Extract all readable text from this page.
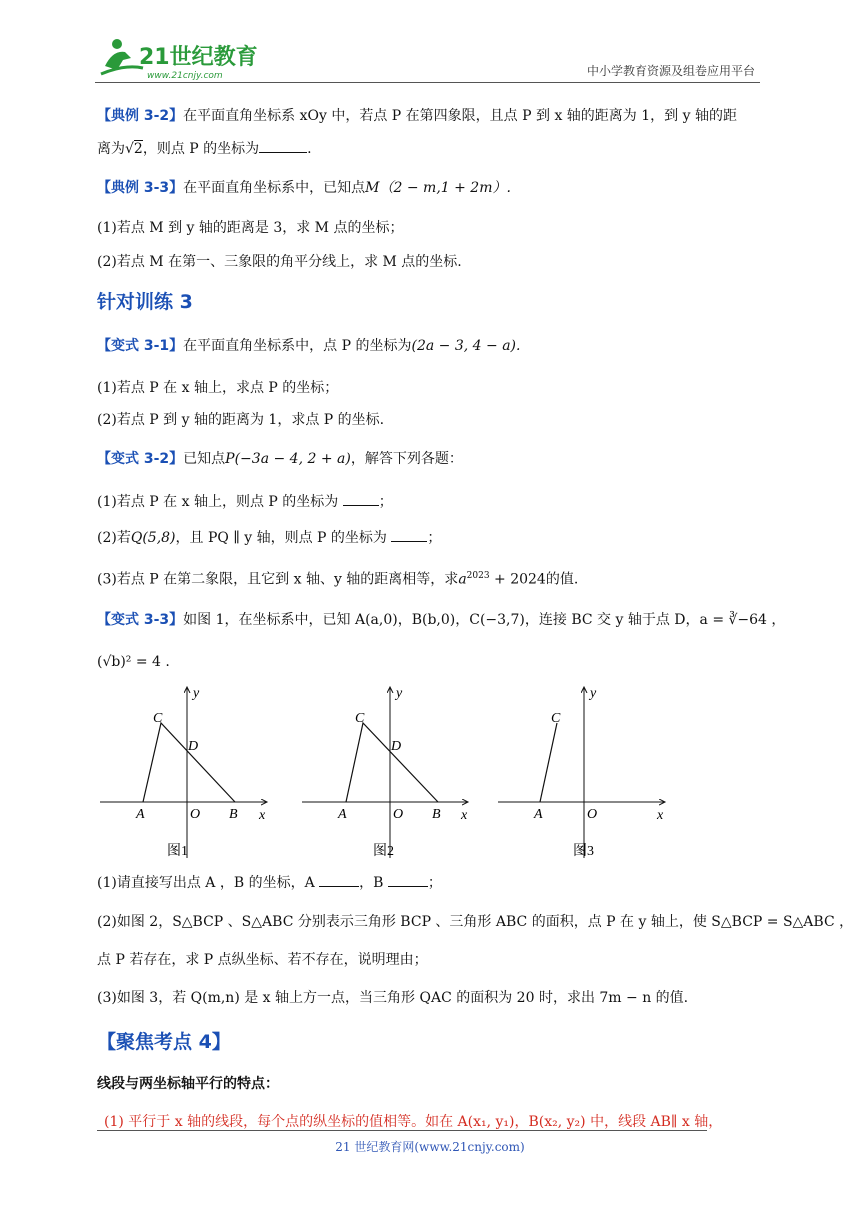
21世纪教育
www.21cnjy.com	中小学教育资源及组卷应用平台
【典例 3-2】在平面直角坐标系 xOy 中，若点 P 在第四象限，且点 P 到 x 轴的距离为 1，到 y 轴的距
离为√2，则点 P 的坐标为	.
【典例 3-3】在平面直角坐标系中，已知点M（2 − m,1 + 2m）.
(1)若点 M 到 y 轴的距离是 3，求 M 点的坐标；
(2)若点 M 在第一、三象限的角平分线上，求 M 点的坐标.
针对训练 3
【变式 3-1】在平面直角坐标系中，点 P 的坐标为(2a − 3, 4 − a).
(1)若点 P 在 x 轴上，求点 P 的坐标；
(2)若点 P 到 y 轴的距离为 1，求点 P 的坐标.
【变式 3-2】已知点P(−3a − 4, 2 + a)，解答下列各题：
(1)若点 P 在 x 轴上，则点 P 的坐标为	；
(2)若Q(5,8)，且 PQ ∥ y 轴，则点 P 的坐标为	；
(3)若点 P 在第二象限，且它到 x 轴、y 轴的距离相等，求$a^{2023} + 2024$的值.
【变式 3-3】如图 1，在坐标系中，已知 A(a,0)，B(b,0)，C(−3,7)，连接 BC 交 y 轴于点 D，a = ∛−64 ，
(√b)² = 4 .
C
D
A	O B x
y
图1
C
D
A	O B x
y
图2
C
A	O	x
y
图3
(1)请直接写出点 A ，B 的坐标，A	，B	；
(2)如图 2，S△BCP 、S△ABC 分别表示三角形 BCP 、三角形 ABC 的面积，点 P 在 y 轴上，使 S△BCP = S△ABC ，
点 P 若存在，求 P 点纵坐标、若不存在，说明理由；
(3)如图 3，若 Q(m,n) 是 x 轴上方一点，当三角形 QAC 的面积为 20 时，求出 7m − n 的值.
【聚焦考点 4】
线段与两坐标轴平行的特点：
(1) 平行于 x 轴的线段，每个点的纵坐标的值相等。如在 A(x₁, y₁)，B(x₂, y₂) 中，线段 AB∥ x 轴，
21 世纪教育网(www.21cnjy.com)
